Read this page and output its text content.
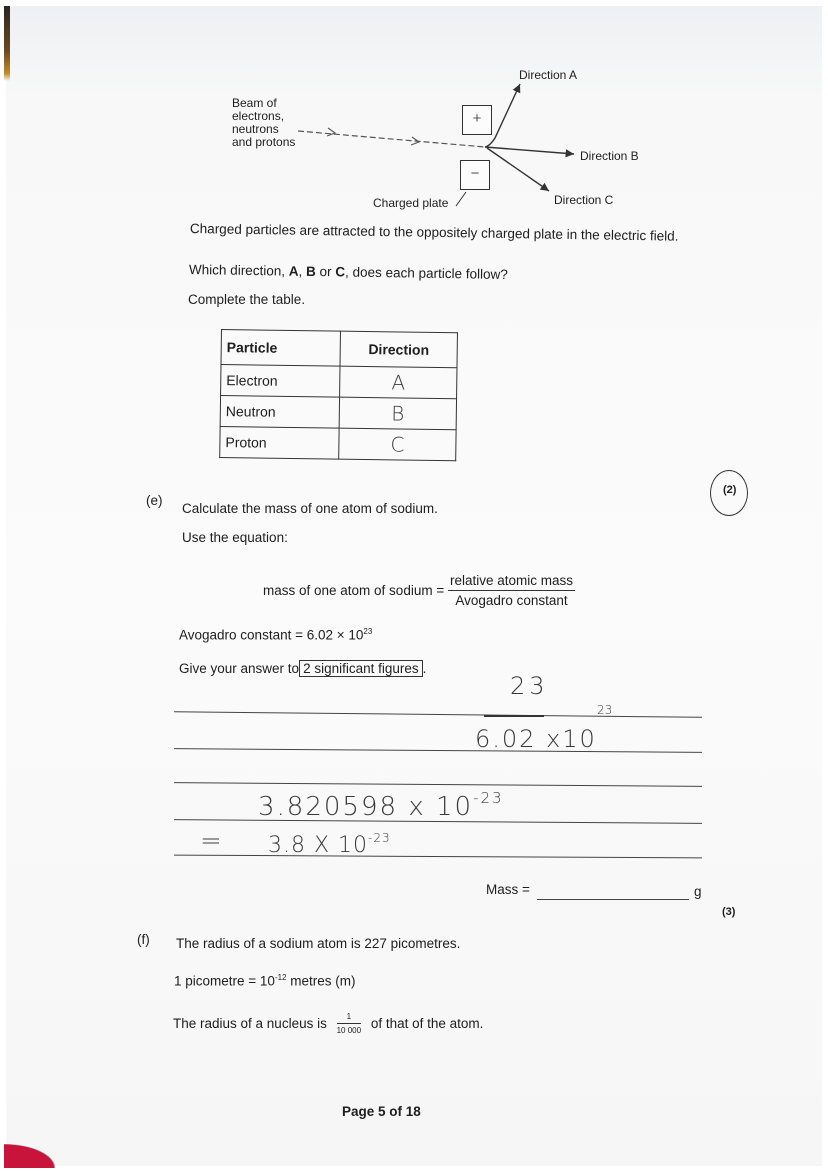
Beam of
electrons,
neutrons
and protons
+
−
Direction A
Direction B
Direction C
Charged plate
Charged particles are attracted to the oppositely charged plate in the electric field.
Which direction, A, B or C, does each particle follow?
Complete the table.
Particle	Direction
Electron	A
Neutron	B
Proton	C
(2)
(e)
Calculate the mass of one atom of sodium.
Use the equation:
mass of one atom of sodium = $\frac{\text{relative atomic mass}}{\text{Avogadro constant}}$
Avogadro constant = $6.02 \times 10^{23}$
Give your answer to 2 significant figures .
23
23
6.02 x10
3.820598 x $10^{-23}$
= 3.8 X $10^{-23}$
Mass =	g
(3)
(f) The radius of a sodium atom is 227 picometres.
1 picometre = $10^{-12}$ metres (m)
The radius of a nucleus is $\frac{1}{10 000}$ of that of the atom.
Page 5 of 18
